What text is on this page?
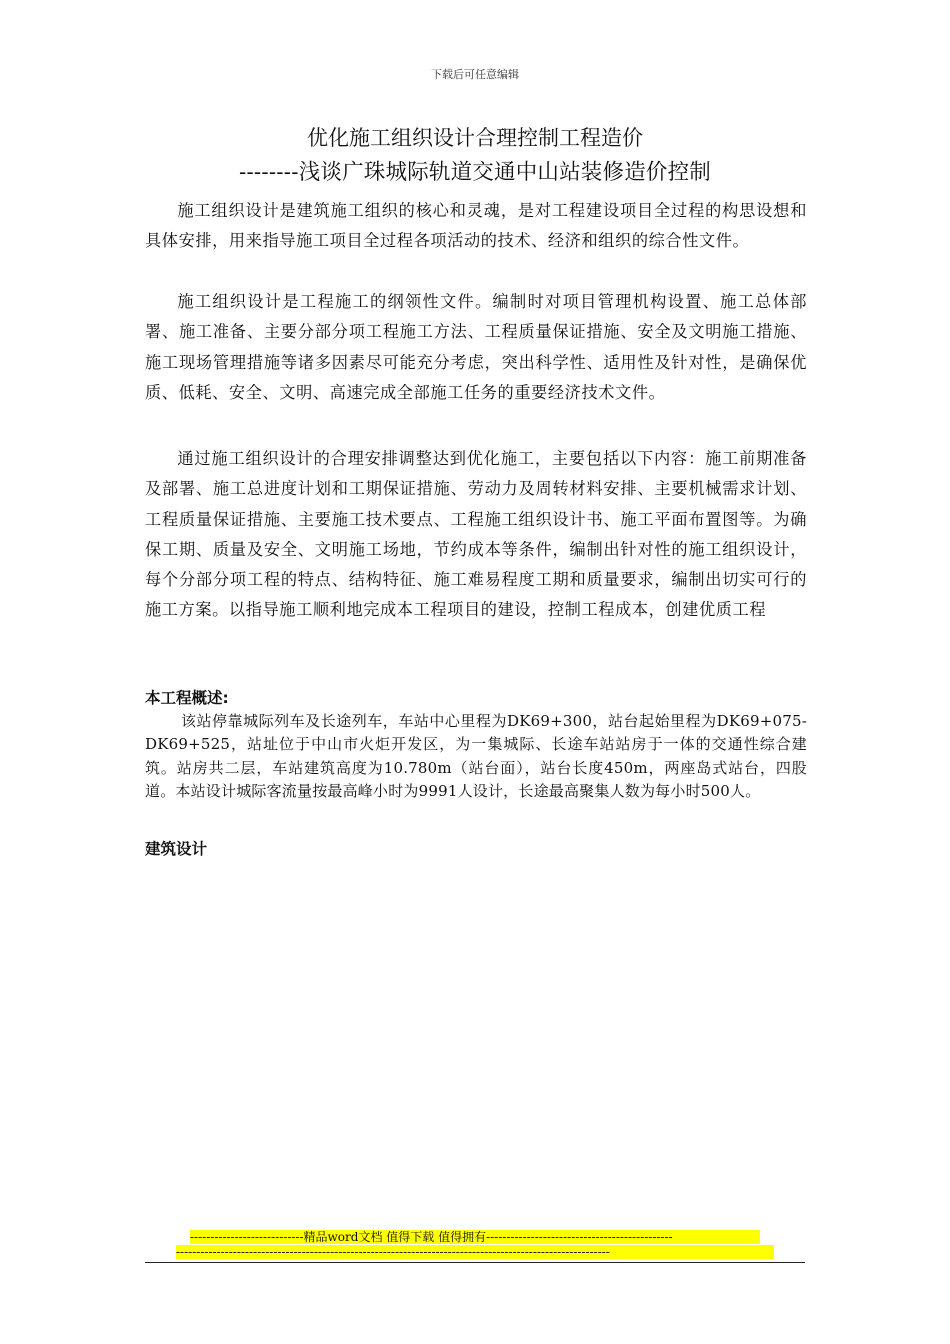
下载后可任意编辑
优化施工组织设计合理控制工程造价
--------浅谈广珠城际轨道交通中山站装修造价控制

施工组织设计是建筑施工组织的核心和灵魂，是对工程建设项目全过程的构思设想和具体安排，用来指导施工项目全过程各项活动的技术、经济和组织的综合性文件。

施工组织设计是工程施工的纲领性文件。编制时对项目管理机构设置、施工总体部署、施工准备、主要分部分项工程施工方法、工程质量保证措施、安全及文明施工措施、施工现场管理措施等诸多因素尽可能充分考虑，突出科学性、适用性及针对性，是确保优质、低耗、安全、文明、高速完成全部施工任务的重要经济技术文件。

通过施工组织设计的合理安排调整达到优化施工，主要包括以下内容：施工前期准备及部署、施工总进度计划和工期保证措施、劳动力及周转材料安排、主要机械需求计划、工程质量保证措施、主要施工技术要点、工程施工组织设计书、施工平面布置图等。为确保工期、质量及安全、文明施工场地，节约成本等条件，编制出针对性的施工组织设计，每个分部分项工程的特点、结构特征、施工难易程度工期和质量要求，编制出切实可行的施工方案。以指导施工顺利地完成本工程项目的建设，控制工程成本，创建优质工程

本工程概述:

该站停靠城际列车及长途列车，车站中心里程为DK69+300，站台起始里程为DK69+075-DK69+525，站址位于中山市火炬开发区，为一集城际、长途车站站房于一体的交通性综合建筑。站房共二层，车站建筑高度为10.780m（站台面），站台长度450m，两座岛式站台，四股道。本站设计城际客流量按最高峰小时为9991人设计，长途最高聚集人数为每小时500人。

建筑设计
----------------------------精品word文档 值得下载 值得拥有----------------------------------------------
-----------------------------------------------------------------------------------------------------------
